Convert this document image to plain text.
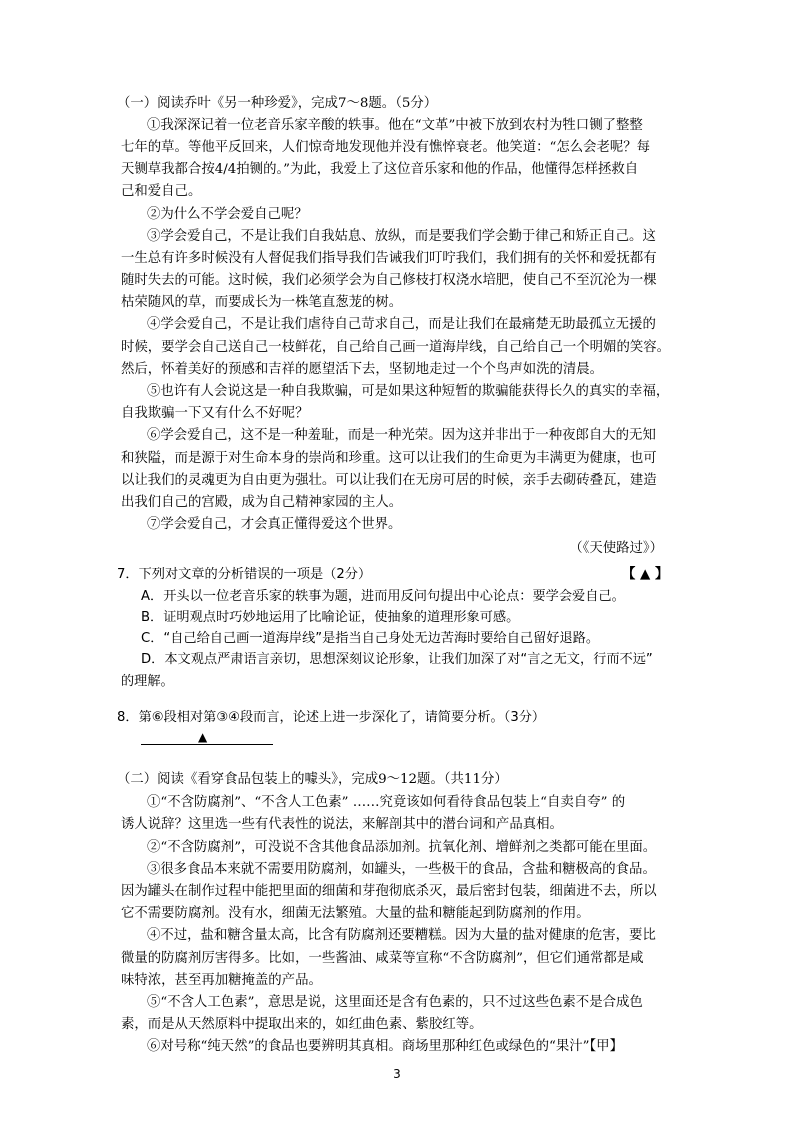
（一）阅读乔叶《另一种珍爱》，完成7～8题。（5分）
①我深深记着一位老音乐家辛酸的轶事。他在“文革”中被下放到农村为牲口铡了整整
七年的草。等他平反回来，人们惊奇地发现他并没有憔悴衰老。他笑道：“怎么会老呢？每
天铡草我都合按4/4拍铡的。”为此，我爱上了这位音乐家和他的作品，他懂得怎样拯救自
己和爱自己。
②为什么不学会爱自己呢？
③学会爱自己，不是让我们自我姑息、放纵，而是要我们学会勤于律己和矫正自己。这
一生总有许多时候没有人督促我们指导我们告诫我们叮咛我们，我们拥有的关怀和爱抚都有
随时失去的可能。这时候，我们必须学会为自己修枝打权浇水培肥，使自己不至沉沦为一棵
枯荣随风的草，而要成长为一株笔直葱茏的树。
④学会爱自己，不是让我们虐待自己苛求自己，而是让我们在最痛楚无助最孤立无援的
时候，要学会自己送自己一枝鲜花，自己给自己画一道海岸线，自己给自己一个明媚的笑容。
然后，怀着美好的预感和吉祥的愿望活下去，坚韧地走过一个个鸟声如洗的清晨。
⑤也许有人会说这是一种自我欺骗，可是如果这种短暂的欺骗能获得长久的真实的幸福，
自我欺骗一下又有什么不好呢？
⑥学会爱自己，这不是一种羞耻，而是一种光荣。因为这并非出于一种夜郎自大的无知
和狭隘，而是源于对生命本身的崇尚和珍重。这可以让我们的生命更为丰满更为健康，也可
以让我们的灵魂更为自由更为强壮。可以让我们在无房可居的时候，亲手去砌砖叠瓦，建造
出我们自己的宫殿，成为自己精神家园的主人。
⑦学会爱自己，才会真正懂得爱这个世界。
（《天使路过》）
7．下列对文章的分析错误的一项是（2分）	【 ▲ 】
A．开头以一位老音乐家的轶事为题，进而用反问句提出中心论点：要学会爱自己。
B．证明观点时巧妙地运用了比喻论证，使抽象的道理形象可感。
C．“自己给自己画一道海岸线”是指当自己身处无边苦海时要给自己留好退路。
D．本文观点严肃语言亲切，思想深刻议论形象，让我们加深了对“言之无文，行而不远”
的理解。
8．第⑥段相对第③④段而言，论述上进一步深化了，请简要分析。（3分）
▲
（二）阅读《看穿食品包装上的噱头》，完成9～12题。（共11分）
①“不含防腐剂”、“不含人工色素” ……究竟该如何看待食品包装上“自卖自夸” 的
诱人说辞？这里选一些有代表性的说法，来解剖其中的潜台词和产品真相。
②“不含防腐剂”，可没说不含其他食品添加剂。抗氧化剂、增鲜剂之类都可能在里面。
③很多食品本来就不需要用防腐剂，如罐头，一些极干的食品，含盐和糖极高的食品。
因为罐头在制作过程中能把里面的细菌和芽孢彻底杀灭，最后密封包装，细菌进不去，所以
它不需要防腐剂。没有水，细菌无法繁殖。大量的盐和糖能起到防腐剂的作用。
④不过，盐和糖含量太高，比含有防腐剂还要糟糕。因为大量的盐对健康的危害，要比
微量的防腐剂厉害得多。比如，一些酱油、咸菜等宣称“不含防腐剂”，但它们通常都是咸
味特浓，甚至再加糖掩盖的产品。
⑤“不含人工色素”，意思是说，这里面还是含有色素的，只不过这些色素不是合成色
素，而是从天然原料中提取出来的，如红曲色素、紫胶红等。
⑥对号称“纯天然”的食品也要辨明其真相。商场里那种红色或绿色的“果汁”【甲】
3
